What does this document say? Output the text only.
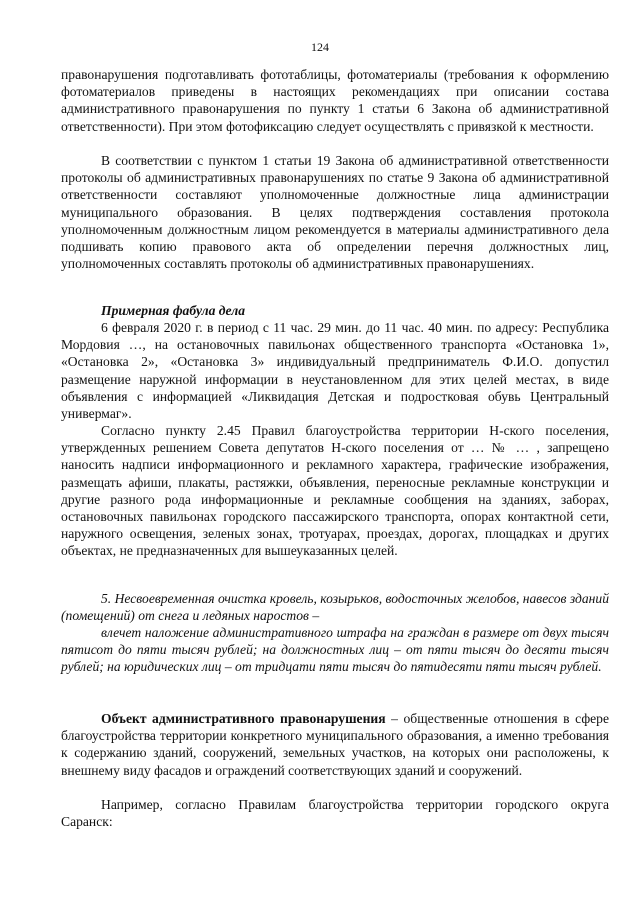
124

правонарушения подготавливать фототаблицы, фотоматериалы (требования к оформлению фотоматериалов приведены в настоящих рекомендациях при описании состава административного правонарушения по пункту 1 статьи 6 Закона об административной ответственности). При этом фотофиксацию следует осуществлять с привязкой к местности.

В соответствии с пунктом 1 статьи 19 Закона об административной ответственности протоколы об административных правонарушениях по статье 9 Закона об административной ответственности составляют уполномоченные должностные лица администрации муниципального образования. В целях подтверждения составления протокола уполномоченным должностным лицом рекомендуется в материалы административного дела подшивать копию правового акта об определении перечня должностных лиц, уполномоченных составлять протоколы об административных правонарушениях.

Примерная фабула дела

6 февраля 2020 г. в период с 11 час. 29 мин. до 11 час. 40 мин. по адресу: Республика Мордовия …, на остановочных павильонах общественного транспорта «Остановка 1», «Остановка 2», «Остановка 3» индивидуальный предприниматель Ф.И.О. допустил размещение наружной информации в неустановленном для этих целей местах, в виде объявления с информацией «Ликвидация Детская и подростковая обувь Центральный универмаг».

Согласно пункту 2.45 Правил благоустройства территории Н-ского поселения, утвержденных решением Совета депутатов Н-ского поселения от … № … , запрещено наносить надписи информационного и рекламного характера, графические изображения, размещать афиши, плакаты, растяжки, объявления, переносные рекламные конструкции и другие разного рода информационные и рекламные сообщения на зданиях, заборах, остановочных павильонах городского пассажирского транспорта, опорах контактной сети, наружного освещения, зеленых зонах, тротуарах, проездах, дорогах, площадках и других объектах, не предназначенных для вышеуказанных целей.

5. Несвоевременная очистка кровель, козырьков, водосточных желобов, навесов зданий (помещений) от снега и ледяных наростов –

влечет наложение административного штрафа на граждан в размере от двух тысяч пятисот до пяти тысяч рублей; на должностных лиц – от пяти тысяч до десяти тысяч рублей; на юридических лиц – от тридцати пяти тысяч до пятидесяти пяти тысяч рублей.

Объект административного правонарушения – общественные отношения в сфере благоустройства территории конкретного муниципального образования, а именно требования к содержанию зданий, сооружений, земельных участков, на которых они расположены, к внешнему виду фасадов и ограждений соответствующих зданий и сооружений.

Например, согласно Правилам благоустройства территории городского округа Саранск:
